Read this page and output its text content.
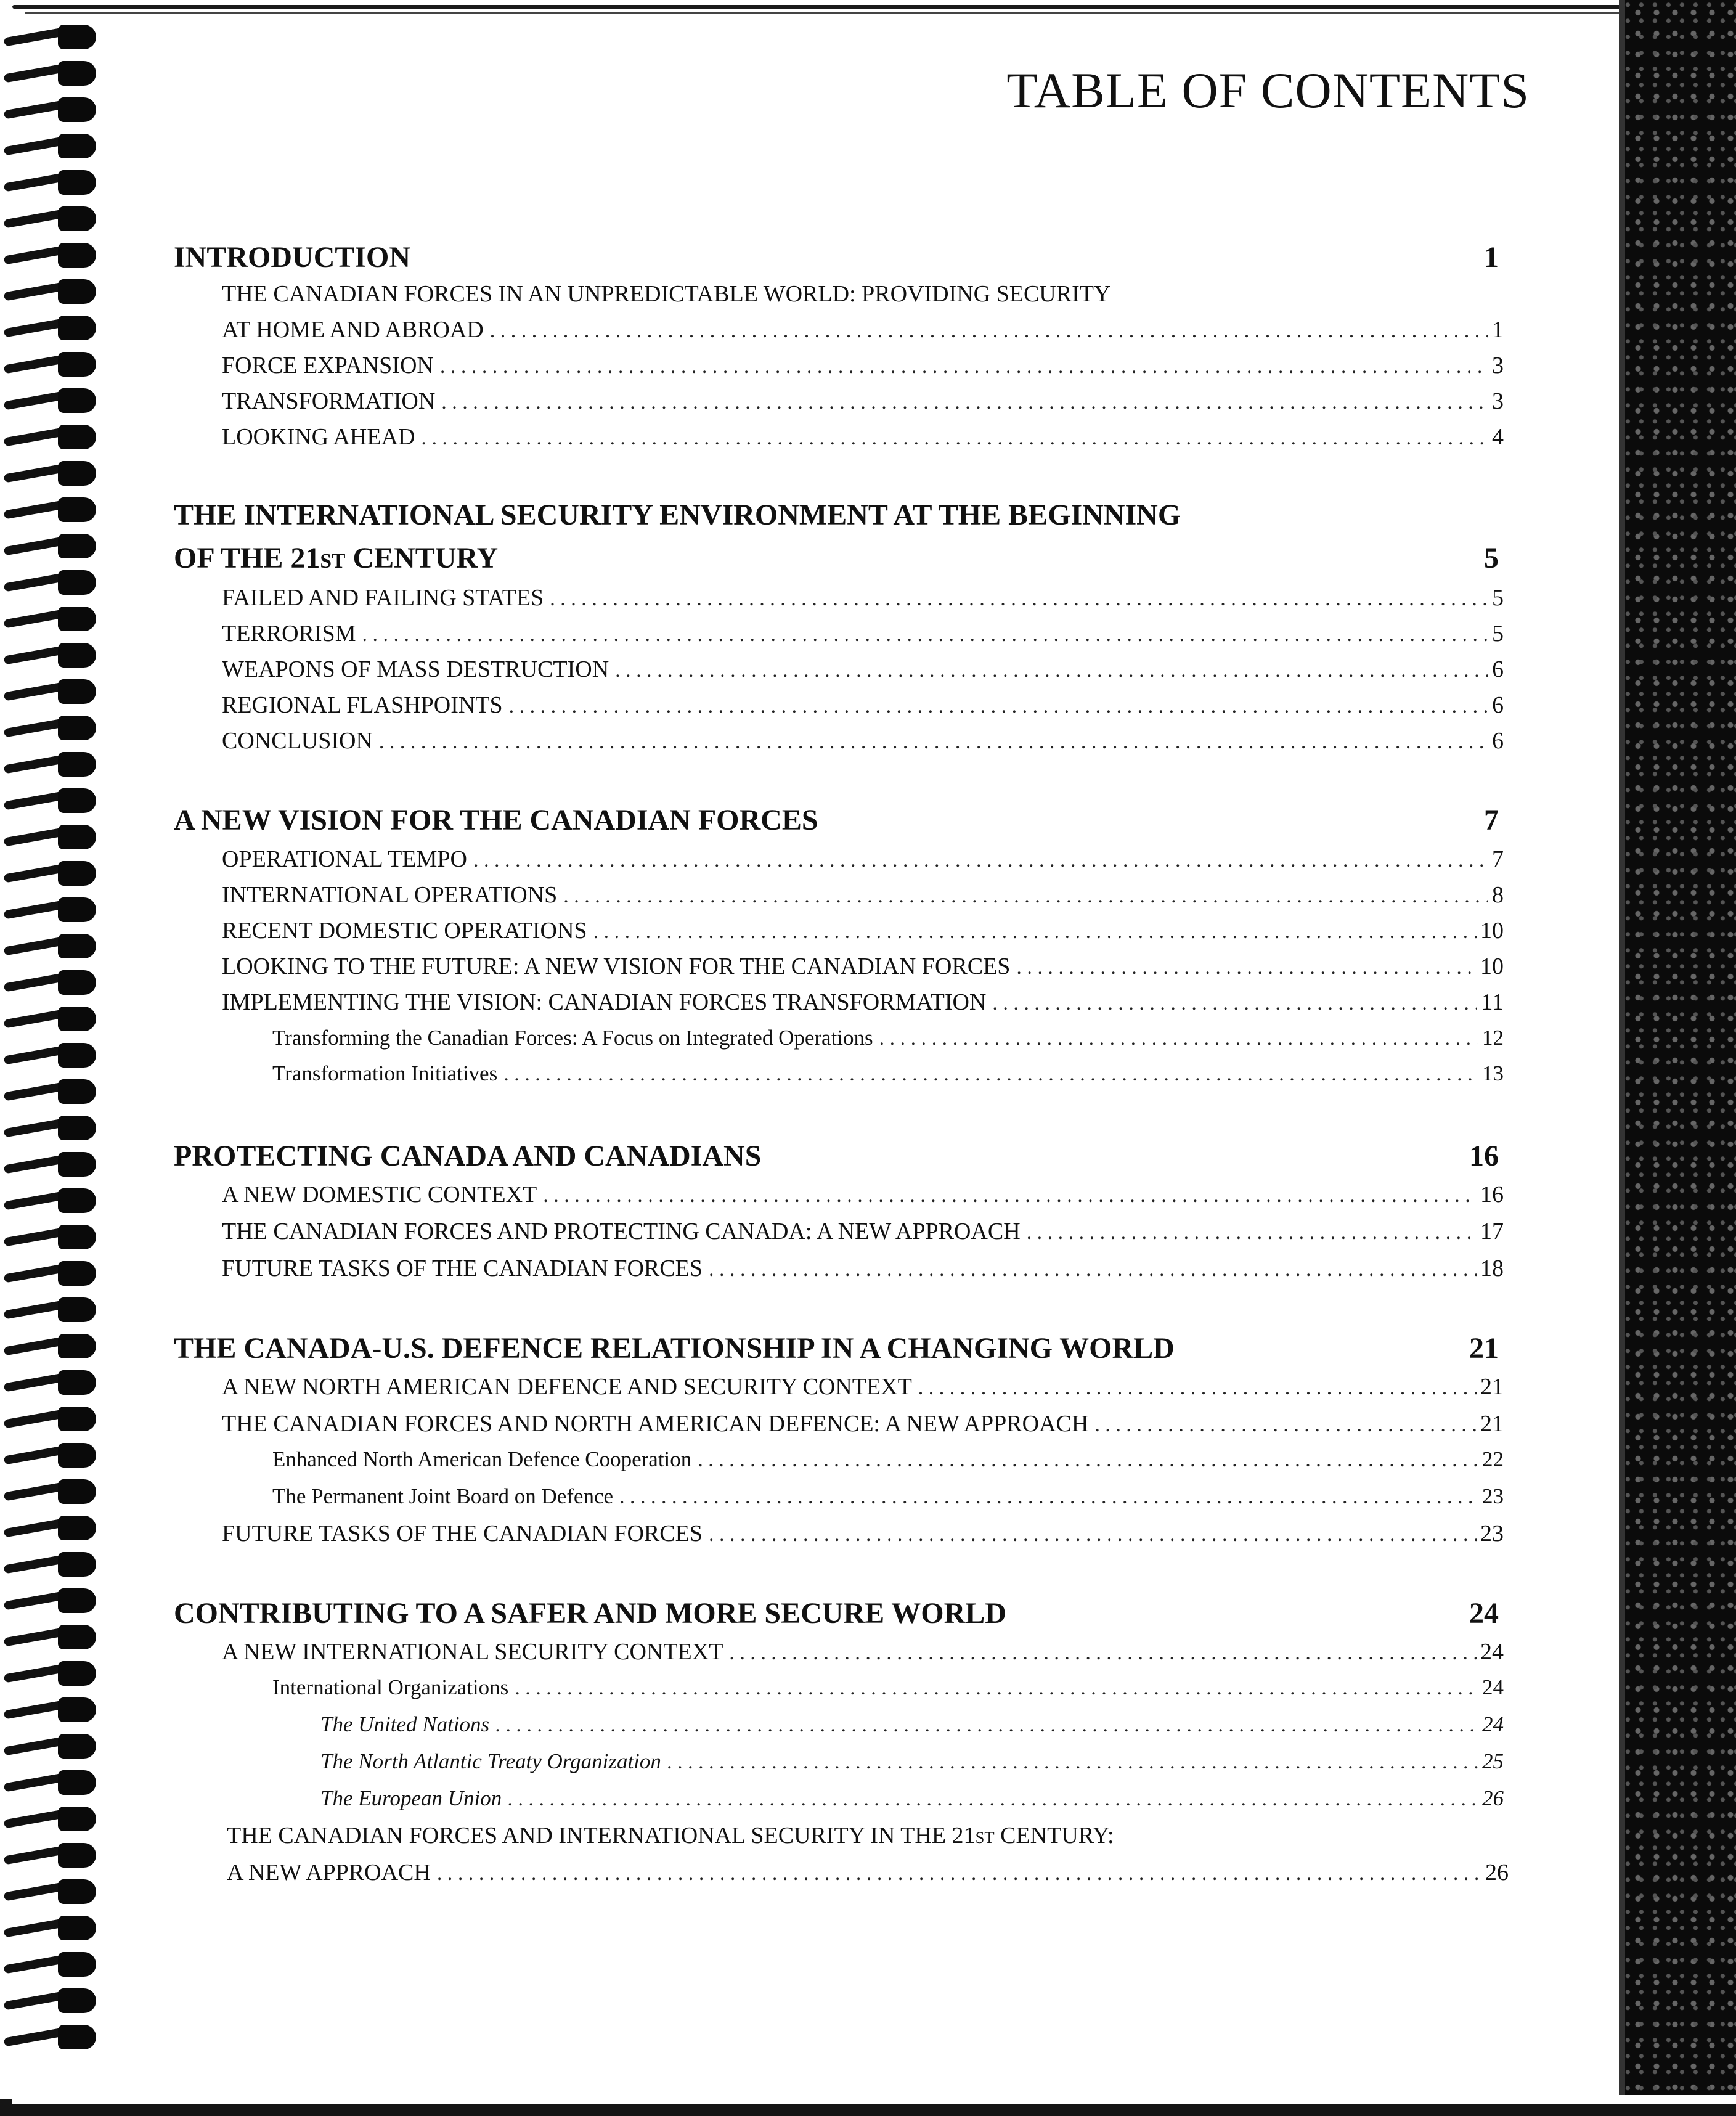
TABLE OF CONTENTS
INTRODUCTION	1
THE CANADIAN FORCES IN AN UNPREDICTABLE WORLD: PROVIDING SECURITY
AT HOME AND ABROAD . . .	1
FORCE EXPANSION . . .	3
TRANSFORMATION . . .	3
LOOKING AHEAD . . .	4
THE INTERNATIONAL SECURITY ENVIRONMENT AT THE BEGINNING
OF THE 21ST CENTURY	5
FAILED AND FAILING STATES . . .	5
TERRORISM . . .	5
WEAPONS OF MASS DESTRUCTION . . .	6
REGIONAL FLASHPOINTS . . .	6
CONCLUSION . . .	6
A NEW VISION FOR THE CANADIAN FORCES	7
OPERATIONAL TEMPO . . .	7
INTERNATIONAL OPERATIONS . . .	8
RECENT DOMESTIC OPERATIONS . . .	10
LOOKING TO THE FUTURE: A NEW VISION FOR THE CANADIAN FORCES . . .	10
IMPLEMENTING THE VISION: CANADIAN FORCES TRANSFORMATION . . .	11
Transforming the Canadian Forces: A Focus on Integrated Operations . . .	12
Transformation Initiatives . . .	13
PROTECTING CANADA AND CANADIANS	16
A NEW DOMESTIC CONTEXT . . .	16
THE CANADIAN FORCES AND PROTECTING CANADA: A NEW APPROACH . . .	17
FUTURE TASKS OF THE CANADIAN FORCES . . .	18
THE CANADA-U.S. DEFENCE RELATIONSHIP IN A CHANGING WORLD	21
A NEW NORTH AMERICAN DEFENCE AND SECURITY CONTEXT . . .	21
THE CANADIAN FORCES AND NORTH AMERICAN DEFENCE: A NEW APPROACH . . .	21
Enhanced North American Defence Cooperation . . .	22
The Permanent Joint Board on Defence . . .	23
FUTURE TASKS OF THE CANADIAN FORCES . . .	23
CONTRIBUTING TO A SAFER AND MORE SECURE WORLD	24
A NEW INTERNATIONAL SECURITY CONTEXT . . .	24
International Organizations . . .	24
The United Nations . . .	24
The North Atlantic Treaty Organization . . .	25
The European Union . . .	26
THE CANADIAN FORCES AND INTERNATIONAL SECURITY IN THE 21ST CENTURY:
A NEW APPROACH . . .	26
